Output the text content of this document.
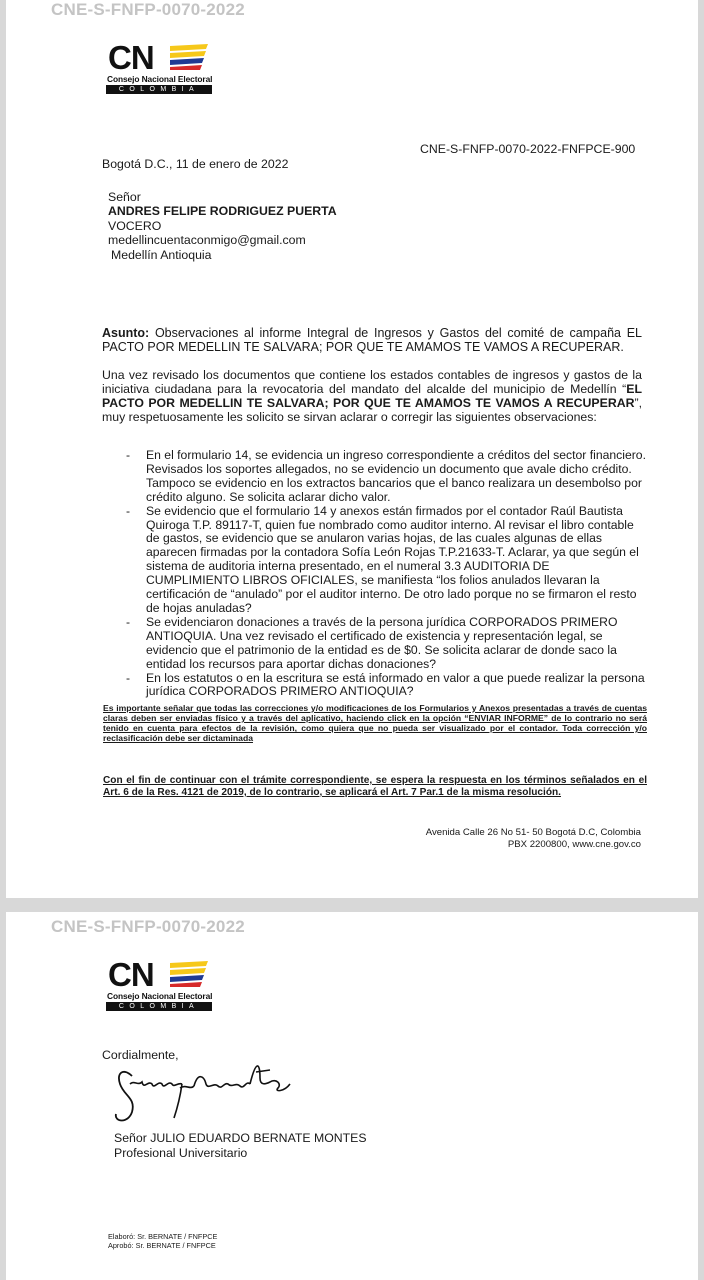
CNE-S-FNFP-0070-2022
CN
Consejo Nacional Electoral
COLOMBIA
CNE-S-FNFP-0070-2022-FNFPCE-900
Bogotá D.C., 11 de enero de 2022
Señor
ANDRES FELIPE RODRIGUEZ PUERTA
VOCERO
medellincuentaconmigo@gmail.com
Medellín Antioquia
Asunto: Observaciones al informe Integral de Ingresos y Gastos del comité de campaña EL PACTO POR MEDELLIN TE SALVARA; POR QUE TE AMAMOS TE VAMOS A RECUPERAR.
Una vez revisado los documentos que contiene los estados contables de ingresos y gastos de la iniciativa ciudadana para la revocatoria del mandato del alcalde del municipio de Medellín “EL PACTO POR MEDELLIN TE SALVARA; POR QUE TE AMAMOS TE VAMOS A RECUPERAR”, muy respetuosamente les solicito se sirvan aclarar o corregir las siguientes observaciones:
- En el formulario 14, se evidencia un ingreso correspondiente a créditos del sector financiero. Revisados los soportes allegados, no se evidencio un documento que avale dicho crédito. Tampoco se evidencio en los extractos bancarios que el banco realizara un desembolso por crédito alguno. Se solicita aclarar dicho valor.
- Se evidencio que el formulario 14 y anexos están firmados por el contador Raúl Bautista Quiroga T.P. 89117-T, quien fue nombrado como auditor interno. Al revisar el libro contable de gastos, se evidencio que se anularon varias hojas, de las cuales algunas de ellas aparecen firmadas por la contadora Sofía León Rojas T.P.21633-T. Aclarar, ya que según el sistema de auditoria interna presentado, en el numeral 3.3 AUDITORIA DE CUMPLIMIENTO LIBROS OFICIALES, se manifiesta “los folios anulados llevaran la certificación de “anulado” por el auditor interno. De otro lado porque no se firmaron el resto de hojas anuladas?
- Se evidenciaron donaciones a través de la persona jurídica CORPORADOS PRIMERO ANTIOQUIA. Una vez revisado el certificado de existencia y representación legal, se evidencio que el patrimonio de la entidad es de $0. Se solicita aclarar de donde saco la entidad los recursos para aportar dichas donaciones?
- En los estatutos o en la escritura se está informado en valor a que puede realizar la persona jurídica CORPORADOS PRIMERO ANTIOQUIA?
Es importante señalar que todas las correcciones y/o modificaciones de los Formularios y Anexos presentadas a través de cuentas claras deben ser enviadas físico y a través del aplicativo, haciendo click en la opción “ENVIAR INFORME” de lo contrario no será tenido en cuenta para efectos de la revisión, como quiera que no pueda ser visualizado por el contador. Toda corrección y/o reclasificación debe ser dictaminada
Con el fin de continuar con el trámite correspondiente, se espera la respuesta en los términos señalados en el Art. 6 de la Res. 4121 de 2019, de lo contrario, se aplicará el Art. 7 Par.1 de la misma resolución.
Avenida Calle 26 No 51- 50 Bogotá D.C, Colombia
PBX 2200800, www.cne.gov.co
CNE-S-FNFP-0070-2022
CN
Consejo Nacional Electoral
COLOMBIA
Cordialmente,
Señor JULIO EDUARDO BERNATE MONTES
Profesional Universitario
Elaboró: Sr. BERNATE / FNFPCE
Aprobó: Sr. BERNATE / FNFPCE
